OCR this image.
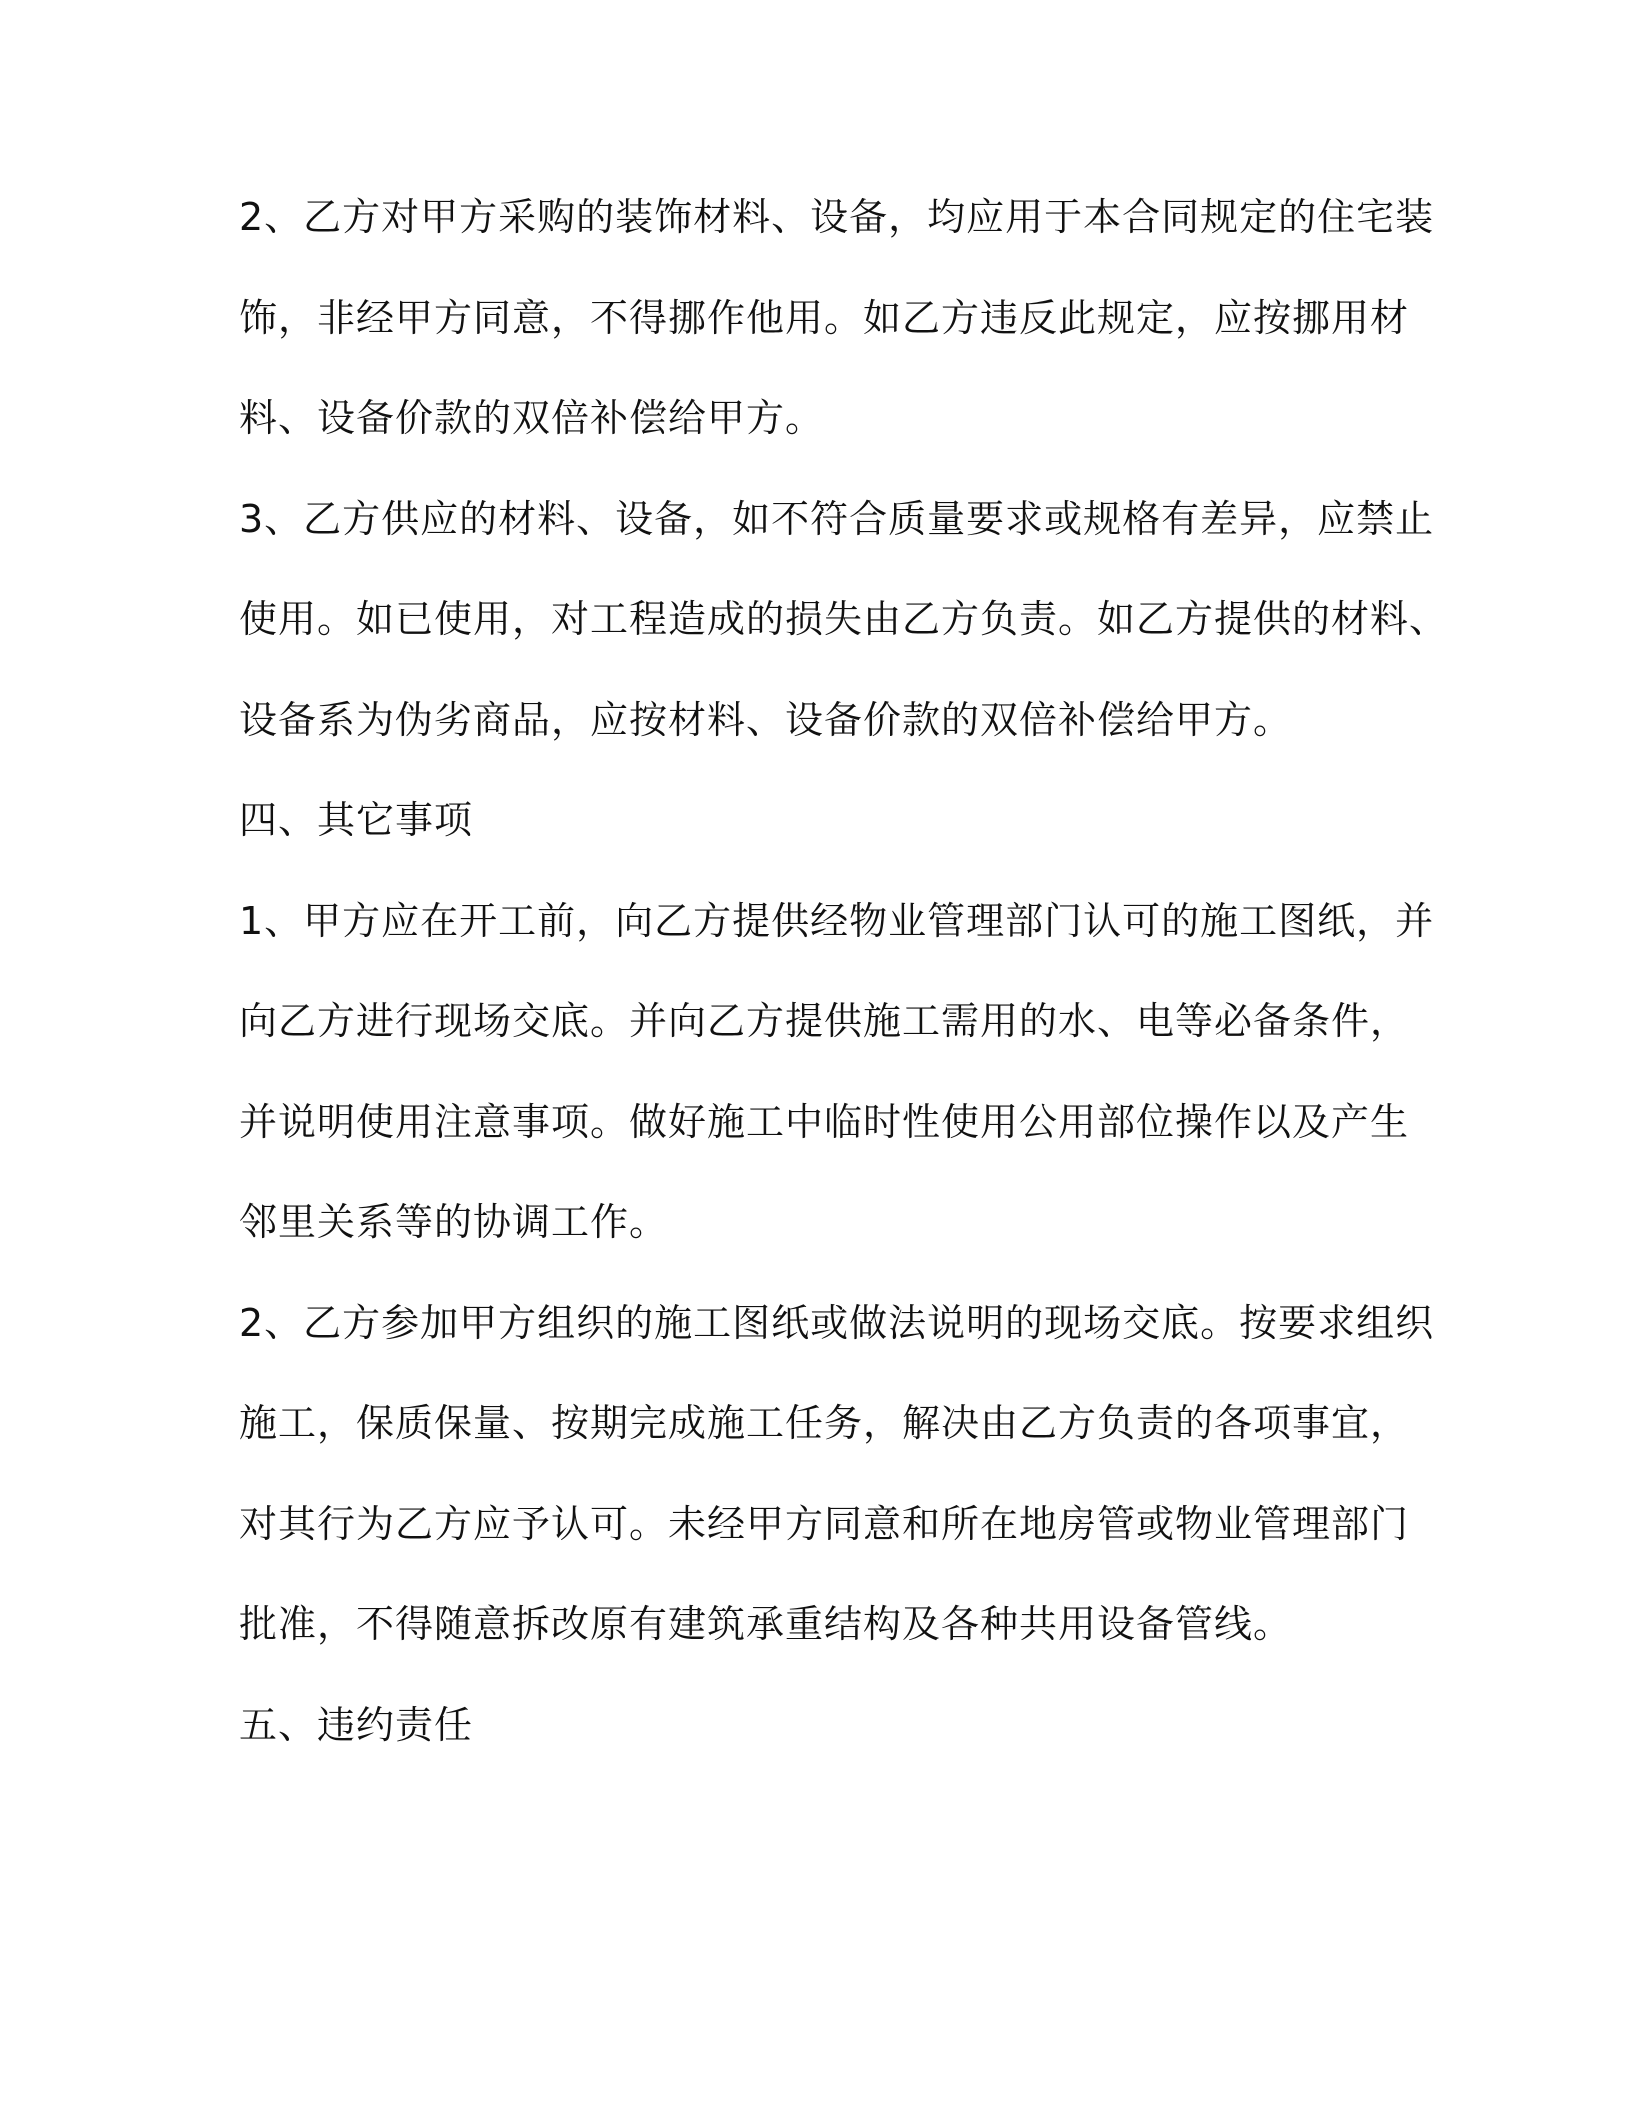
2、乙方对甲方采购的装饰材料、设备，均应用于本合同规定的住宅装

饰，非经甲方同意，不得挪作他用。如乙方违反此规定，应按挪用材

料、设备价款的双倍补偿给甲方。

3、乙方供应的材料、设备，如不符合质量要求或规格有差异，应禁止

使用。如已使用，对工程造成的损失由乙方负责。如乙方提供的材料、

设备系为伪劣商品，应按材料、设备价款的双倍补偿给甲方。

四、其它事项

1、甲方应在开工前，向乙方提供经物业管理部门认可的施工图纸，并

向乙方进行现场交底。并向乙方提供施工需用的水、电等必备条件，

并说明使用注意事项。做好施工中临时性使用公用部位操作以及产生

邻里关系等的协调工作。

2、乙方参加甲方组织的施工图纸或做法说明的现场交底。按要求组织

施工，保质保量、按期完成施工任务，解决由乙方负责的各项事宜，

对其行为乙方应予认可。未经甲方同意和所在地房管或物业管理部门

批准，不得随意拆改原有建筑承重结构及各种共用设备管线。

五、违约责任
